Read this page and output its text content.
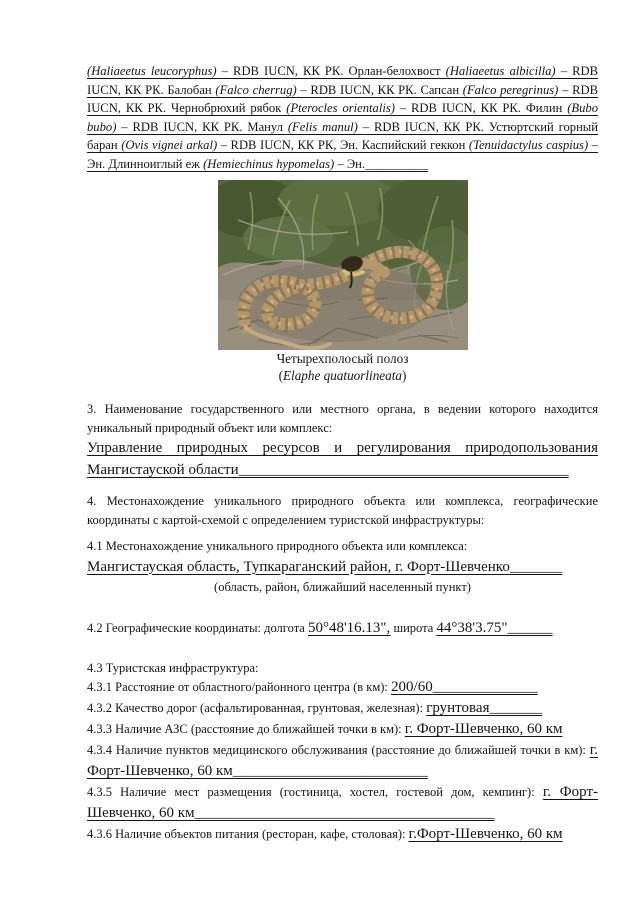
(Haliaeetus leucoryphus) – RDB IUCN, КК РК. Орлан-белохвост (Haliaeetus albicilla) – RDB IUCN, КК РК. Балобан (Falco cherrug) – RDB IUCN, КК РК. Сапсан (Falco peregrinus) – RDB IUCN, КК РК. Чернобрюхий рябок (Pterocles orientalis) – RDB IUCN, КК РК. Филин (Bubo bubo) – RDB IUCN, КК РК. Манул (Felis manul) – RDB IUCN, КК РК. Устюртский горный баран (Ovis vignei arkal) – RDB IUCN, КК РК, Эн. Каспийский геккон (Tenuidactylus caspius) – Эн. Длинноиглый еж (Hemiechinus hypomelas) – Эн.__________

Четырехполосый полоз

(Elaphe quatuorlineata)

3. Наименование государственного или местного органа, в ведении которого находится уникальный природный объект или комплекс:

Управление природных ресурсов и регулирования природопользования Мангистауской области____________________________________________

4. Местонахождение уникального природного объекта или комплекса, географические координаты с картой-схемой с определением туристской инфраструктуры:

4.1 Местонахождение уникального природного объекта или комплекса:

Мангистауская область, Тупкараганский район, г. Форт-Шевченко_______

(область, район, ближайший населенный пункт)

4.2 Географические координаты: долгота 50°48'16.13", широта 44°38'3.75"______

4.3 Туристская инфраструктура:

4.3.1 Расстояние от областного/районного центра (в км): 200/60______________

4.3.2 Качество дорог (асфальтированная, грунтовая, железная): грунтовая_______

4.3.3 Наличие АЗС (расстояние до ближайшей точки в км): г. Форт-Шевченко, 60 км

4.3.4 Наличие пунктов медицинского обслуживания (расстояние до ближайшей точки в км): г. Форт-Шевченко, 60 км__________________________

4.3.5 Наличие мест размещения (гостиница, хостел, гостевой дом, кемпинг): г. Форт-Шевченко, 60 км________________________________________

4.3.6 Наличие объектов питания (ресторан, кафе, столовая): г.Форт-Шевченко, 60 км
